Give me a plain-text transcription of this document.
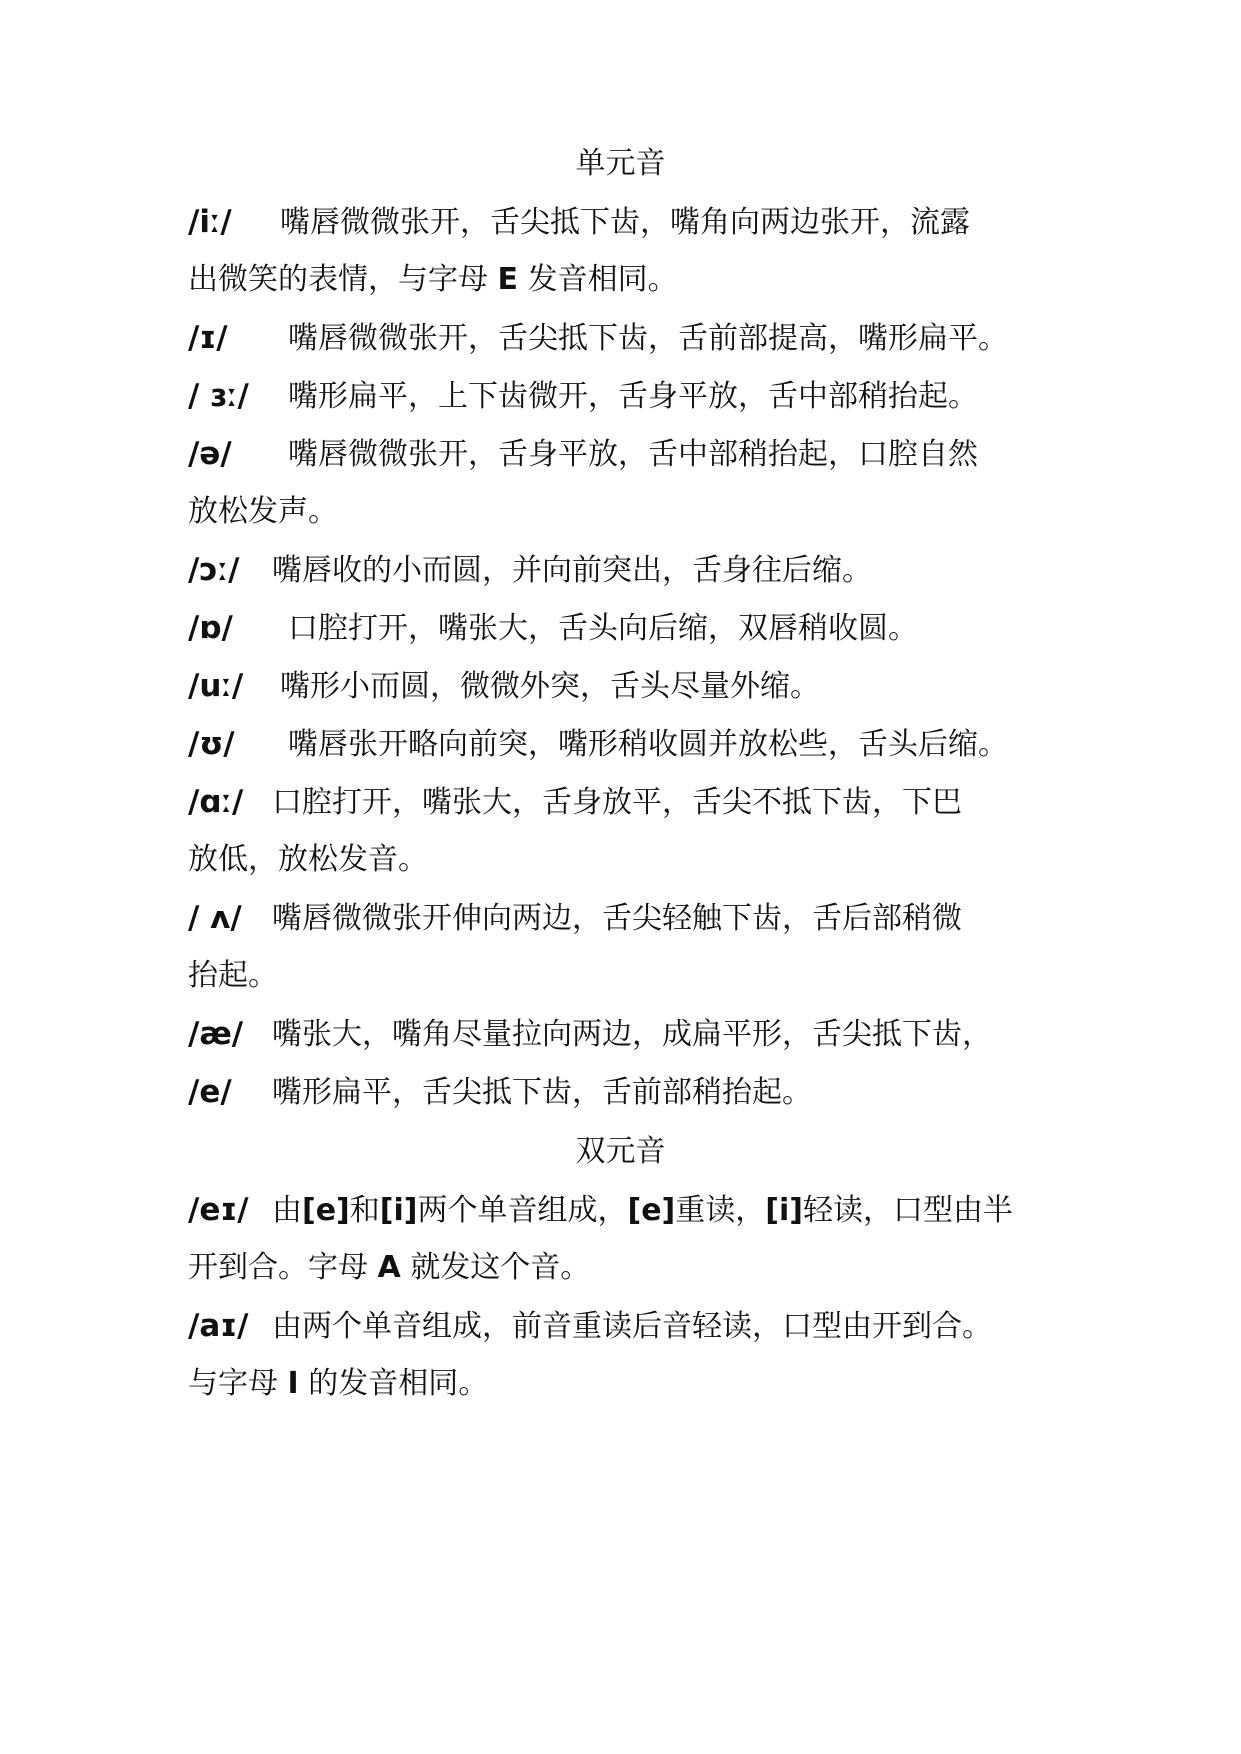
单元音
/iː/ 嘴唇微微张开，舌尖抵下齿，嘴角向两边张开，流露
出微笑的表情，与字母 E 发音相同。
/ɪ/ 嘴唇微微张开，舌尖抵下齿，舌前部提高，嘴形扁平。
/ ɜː/ 嘴形扁平，上下齿微开，舌身平放，舌中部稍抬起。
/ə/ 嘴唇微微张开，舌身平放，舌中部稍抬起，口腔自然
放松发声。
/ɔː/ 嘴唇收的小而圆，并向前突出，舌身往后缩。
/ɒ/ 口腔打开，嘴张大，舌头向后缩，双唇稍收圆。
/uː/ 嘴形小而圆，微微外突，舌头尽量外缩。
/ʊ/ 嘴唇张开略向前突，嘴形稍收圆并放松些，舌头后缩。
/ɑː/ 口腔打开，嘴张大，舌身放平，舌尖不抵下齿，下巴
放低，放松发音。
/ ʌ/ 嘴唇微微张开伸向两边，舌尖轻触下齿，舌后部稍微
抬起。
/æ/ 嘴张大，嘴角尽量拉向两边，成扁平形，舌尖抵下齿，
/e/ 嘴形扁平，舌尖抵下齿，舌前部稍抬起。
双元音
/eɪ/ 由[e]和[i]两个单音组成，[e]重读，[i]轻读，口型由半
开到合。字母 A 就发这个音。
/aɪ/ 由两个单音组成，前音重读后音轻读，口型由开到合。
与字母 I 的发音相同。
